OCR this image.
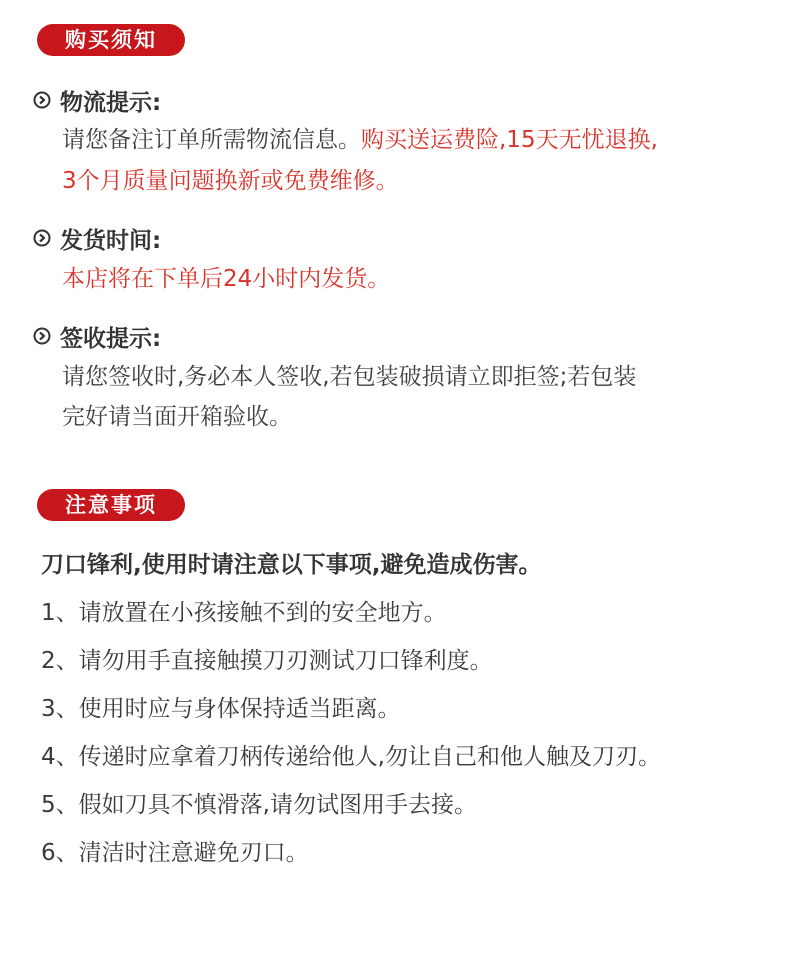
购买须知
物流提示:
请您备注订单所需物流信息。购买送运费险,15天无忧退换,
3个月质量问题换新或免费维修。
发货时间:
本店将在下单后24小时内发货。
签收提示:
请您签收时,务必本人签收,若包装破损请立即拒签;若包装
完好请当面开箱验收。
注意事项
刀口锋利,使用时请注意以下事项,避免造成伤害。
1、请放置在小孩接触不到的安全地方。
2、请勿用手直接触摸刀刃测试刀口锋利度。
3、使用时应与身体保持适当距离。
4、传递时应拿着刀柄传递给他人,勿让自己和他人触及刀刃。
5、假如刀具不慎滑落,请勿试图用手去接。
6、清洁时注意避免刃口。
